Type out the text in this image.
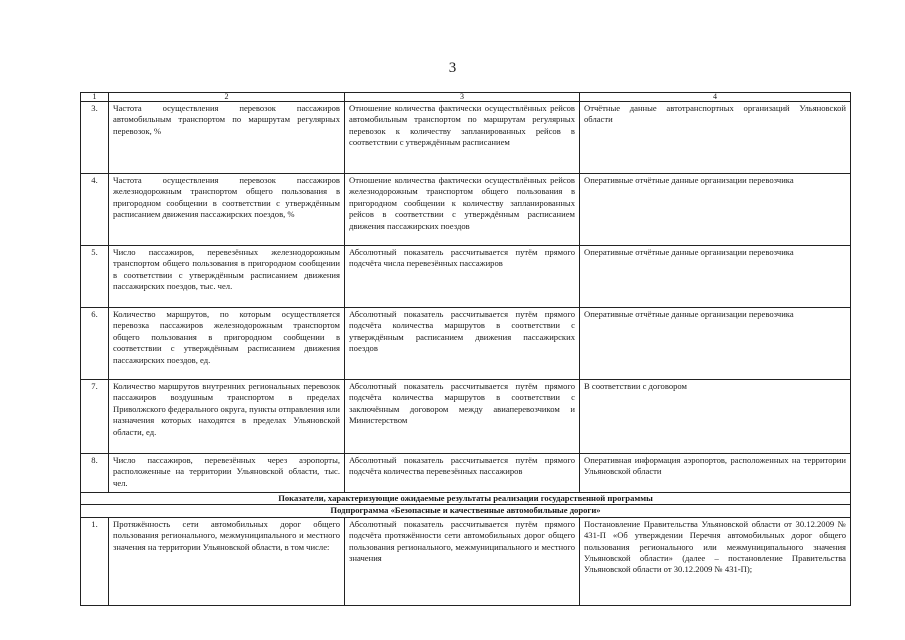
3
1	2	3	4
3.	Частота осуществления перевозок пассажиров автомобильным транспортом по маршрутам регулярных перевозок, %	Отношение количества фактически осуществлённых рейсов автомобильным транспортом по маршрутам регулярных перевозок к количеству запланированных рейсов в соответствии с утверждённым расписанием	Отчётные данные автотранспортных организаций Ульяновской области
4.	Частота осуществления перевозок пассажиров железнодорожным транспортом общего пользования в пригородном сообщении в соответствии с утверждённым расписанием движения пассажирских поездов, %	Отношение количества фактически осуществлённых рейсов железнодорожным транспортом общего пользования в пригородном сообщении к количеству запланированных рейсов в соответствии с утверждённым расписанием движения пассажирских поездов	Оперативные отчётные данные организации перевозчика
5.	Число пассажиров, перевезённых железнодорожным транспортом общего пользования в пригородном сообщении в соответствии с утверждённым расписанием движения пассажирских поездов, тыс. чел.	Абсолютный показатель рассчитывается путём прямого подсчёта числа перевезённых пассажиров	Оперативные отчётные данные организации перевозчика
6.	Количество маршрутов, по которым осуществляется перевозка пассажиров железнодорожным транспортом общего пользования в пригородном сообщении в соответствии с утверждённым расписанием движения пассажирских поездов, ед.	Абсолютный показатель рассчитывается путём прямого подсчёта количества маршрутов в соответствии с утверждённым расписанием движения пассажирских поездов	Оперативные отчётные данные организации перевозчика
7.	Количество маршрутов внутренних региональных перевозок пассажиров воздушным транспортом в пределах Приволжского федерального округа, пункты отправления или назначения которых находятся в пределах Ульяновской области, ед.	Абсолютный показатель рассчитывается путём прямого подсчёта количества маршрутов в соответствии с заключённым договором между авиаперевозчиком и Министерством	В соответствии с договором
8.	Число пассажиров, перевезённых через аэропорты, расположенные на территории Ульяновской области, тыс. чел.	Абсолютный показатель рассчитывается путём прямого подсчёта количества перевезённых пассажиров	Оперативная информация аэропортов, расположенных на территории Ульяновской области
Показатели, характеризующие ожидаемые результаты реализации государственной программы			
Подпрограмма «Безопасные и качественные автомобильные дороги»			
1.	Протяжённость сети автомобильных дорог общего пользования регионального, межмуниципального и местного значения на территории Ульяновской области, в том числе:	Абсолютный показатель рассчитывается путём прямого подсчёта протяжённости сети автомобильных дорог общего пользования регионального, межмуниципального и местного значения	Постановление Правительства Ульяновской области от 30.12.2009 № 431-П «Об утверждении Перечня автомобильных дорог общего пользования регионального или межмуниципального значения Ульяновской области» (далее – постановление Правительства Ульяновской области от 30.12.2009 № 431-П);
